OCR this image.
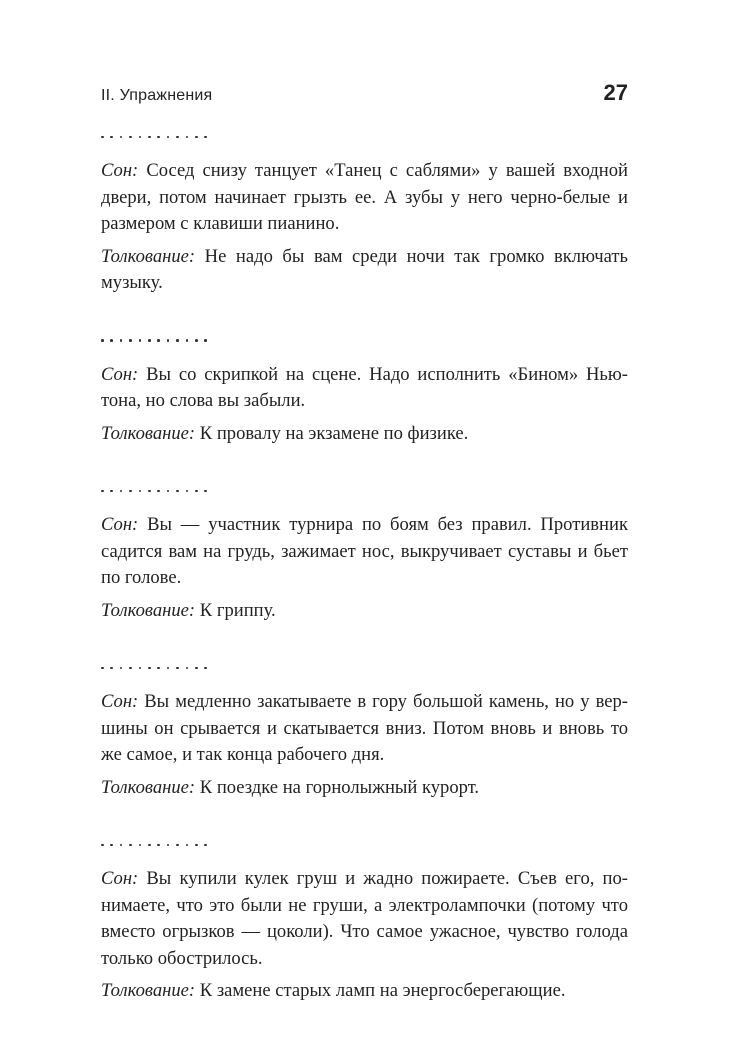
II. Упражнения	27

Сон: Сосед снизу танцует «Танец с саблями» у вашей входной двери, потом начинает грызть ее. А зубы у него черно-белые и размером с клавиши пианино.

Толкование: Не надо бы вам среди ночи так громко включать музыку.

Сон: Вы со скрипкой на сцене. Надо исполнить «Бином» Ньютона, но слова вы забыли.

Толкование: К провалу на экзамене по физике.

Сон: Вы — участник турнира по боям без правил. Противник садится вам на грудь, зажимает нос, выкручивает суставы и бьет по голове.

Толкование: К гриппу.

Сон: Вы медленно закатываете в гору большой камень, но у вершины он срывается и скатывается вниз. Потом вновь и вновь то же самое, и так конца рабочего дня.

Толкование: К поездке на горнолыжный курорт.

Сон: Вы купили кулек груш и жадно пожираете. Съев его, понимаете, что это были не груши, а электролампочки (потому что вместо огрызков — цоколи). Что самое ужасное, чувство голода только обострилось.

Толкование: К замене старых ламп на энергосберегающие.
